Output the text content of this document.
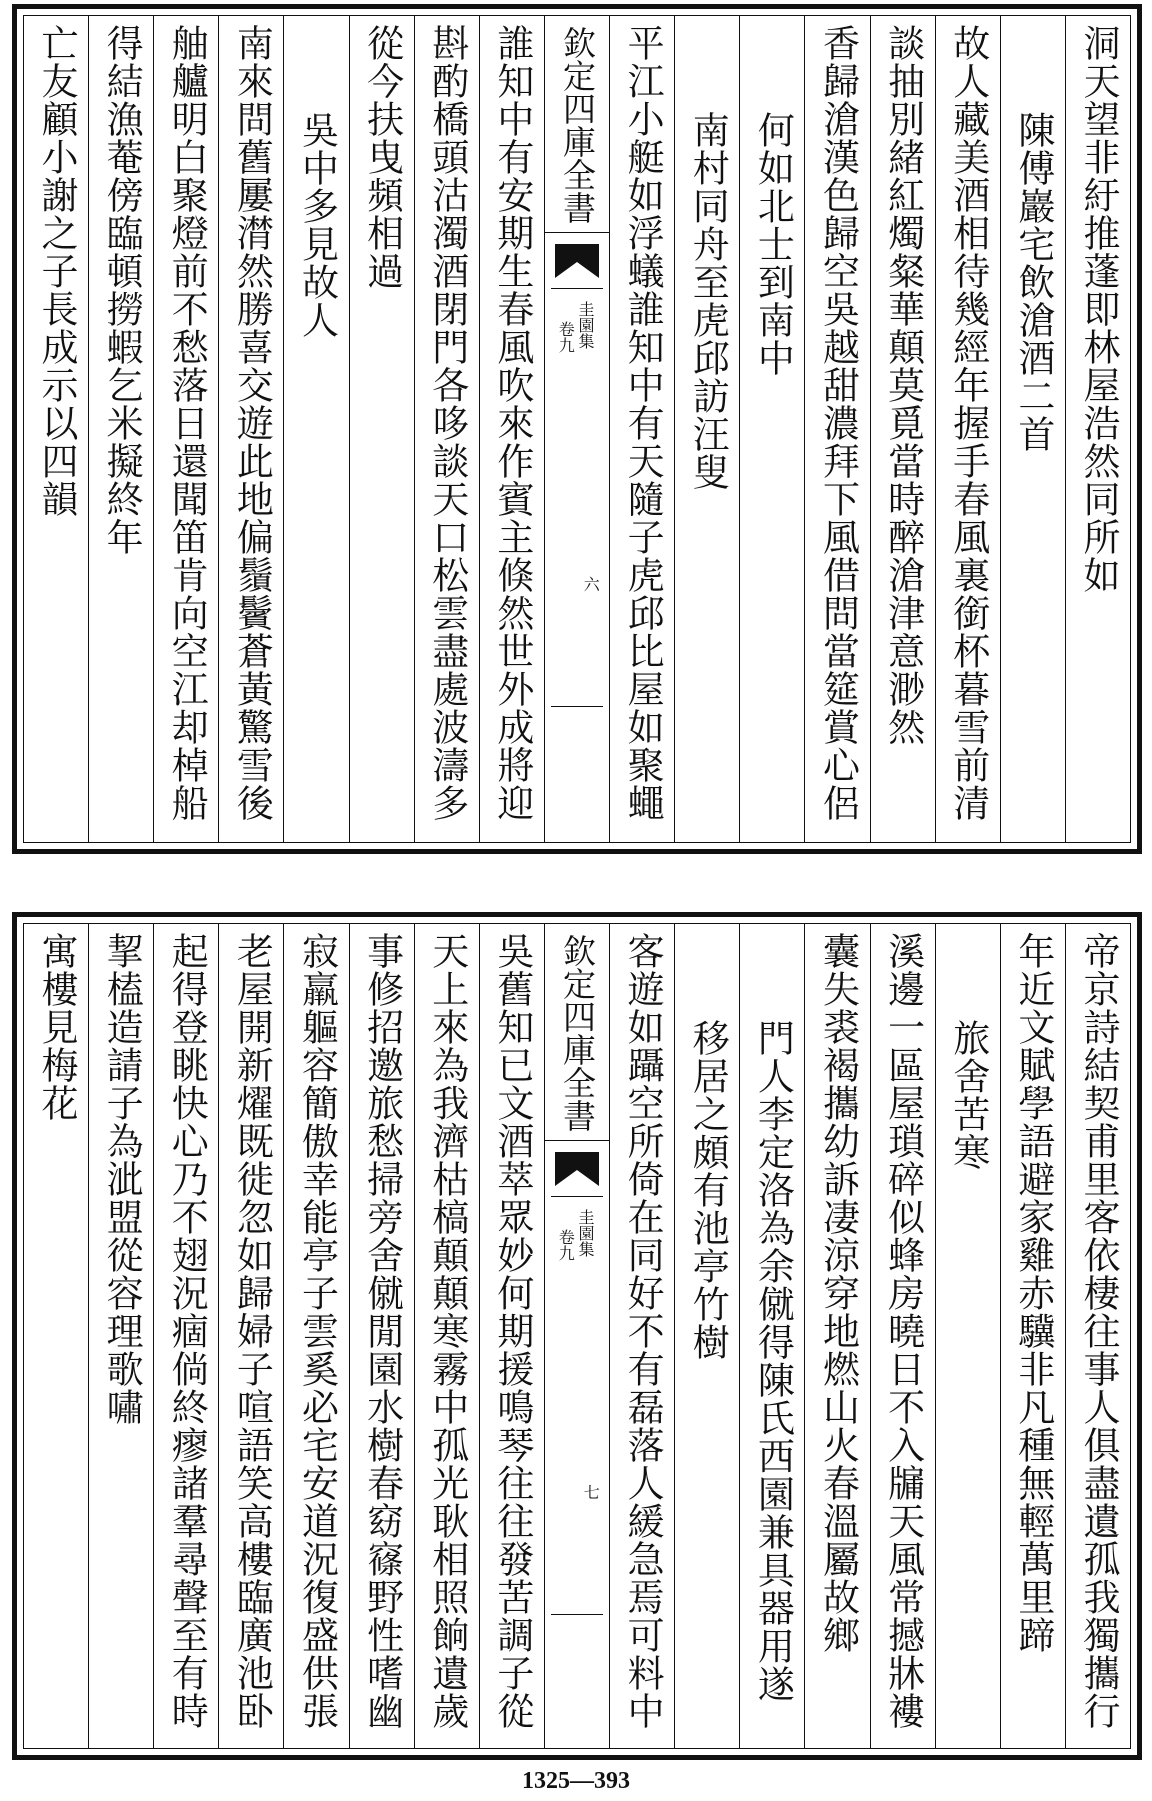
洞天望非紆推蓬即林屋浩然同所如
陳傅巖宅飲滄酒二首
故人藏美酒相待幾經年握手春風裏銜杯暮雪前清
談抽別緒紅燭粲華顛莫覓當時醉滄津意渺然
香歸滄漢色歸空吳越甜濃拜下風借問當筵賞心侶
何如北士到南中
南村同舟至虎邱訪汪叟
平江小艇如浮蟻誰知中有天隨子虎邱比屋如聚蠅
欽定四庫全書
圭園集
卷九
六
誰知中有安期生春風吹來作賓主倏然世外成將迎
斟酌橋頭沽濁酒閉門各哆談天口松雲盡處波濤多
從今扶曳頻相過
吳中多見故人
南來問舊屢潸然勝喜交遊此地偏鬚鬢蒼黃驚雪後
舳艫明白聚燈前不愁落日還聞笛肯向空江却棹船
得結漁菴傍臨頓撈蝦乞米擬終年
亡友顧小謝之子長成示以四韻
帝京詩結契甫里客依棲往事人俱盡遺孤我獨攜行
年近文賦學語避家雞赤驥非凡種無輕萬里蹄
旅舍苦寒
溪邊一區屋瑣碎似蜂房曉日不入牖天風常撼牀褸
囊失裘褐攜幼訴凄涼穿地燃山火春溫屬故鄉
門人李定洛為余僦得陳氏西園兼具器用遂
移居之頗有池亭竹樹
客遊如躡空所倚在同好不有磊落人緩急焉可料中
欽定四庫全書
圭園集
卷九
七
吳舊知已文酒萃眾妙何期援鳴琴往往發苦調子從
天上來為我濟枯槁顛顛寒霧中孤光耿相照餉遺歲
事修招邀旅愁掃旁舍僦閒園水樹春窈窱野性嗜幽
寂羸軀容簡傲幸能亭子雲奚必宅安道況復盛供張
老屋開新燿既徙忽如歸婦子喧語笑高樓臨廣池卧
起得登眺快心乃不翅況痼倘終瘳諸羣尋聲至有時
挈榼造請子為泚盟從容理歌嘯
寓樓見梅花
1325—393
